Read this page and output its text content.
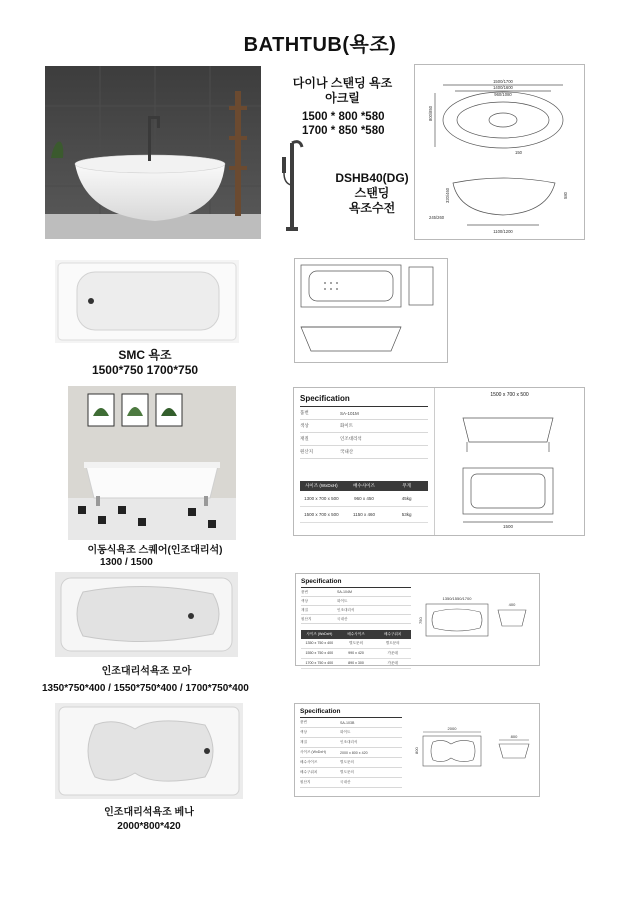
BATHTUB(욕조)
다이나 스탠딩 욕조
아크릴
1500 * 800 *580
1700 * 850 *580
DSHB40(DG)
스탠딩
욕조수전
1500/1700
1400/1600
960/1080
800/850
150
580
1100/1200
245/260
320/460
SMC 욕조
1500*750 1700*750
이동식욕조 스퀘어(인조대리석)
1300 / 1500
Specification
품번	SA-101M
색상	화이트
재질	인조대리석
원산지	국내산
사이즈 (WxDxH)	배수사이즈	무게
1300 x 700 x 500	960 x 450	45kg
1500 x 700 x 500	1150 x 460	53kg
1500 x 700 x 500
1500
인조대리석욕조 모아
1350*750*400 / 1550*750*400 / 1700*750*400
Specification
품번	SA-104M
색상	화이트
재질	인조대리석
원산지	국내산
사이즈 (WxDxH)	배수사이즈	배수구위치
1350 x 750 x 400	별도문의	별도문의
1550 x 750 x 400	990 x 420	가운데
1700 x 750 x 400	890 x 300	가운데
1350/1550/1700
750
400
인조대리석욕조 베나
2000*800*420
Specification
품번	SA-103B
색상	화이트
재질	인조대리석
사이즈 (WxDxH)	2000 x 800 x 420
배수사이즈	별도문의
배수구위치	별도문의
원산지	국내산
2000
800
800
